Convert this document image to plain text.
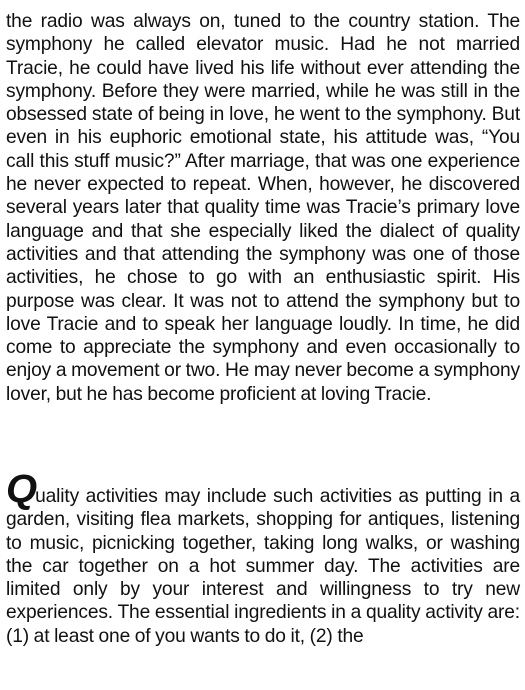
the radio was always on, tuned to the country station. The symphony he called elevator music. Had he not married Tracie, he could have lived his life without ever attending the symphony. Before they were married, while he was still in the obsessed state of being in love, he went to the symphony. But even in his euphoric emotional state, his attitude was, “You call this stuff music?” After marriage, that was one experience he never expected to repeat. When, however, he discovered several years later that quality time was Tracie’s primary love language and that she especially liked the dialect of quality activities and that attending the symphony was one of those activities, he chose to go with an enthusiastic spirit. His purpose was clear. It was not to attend the symphony but to love Tracie and to speak her language loudly. In time, he did come to appreciate the symphony and even occasionally to enjoy a movement or two. He may never become a symphony lover, but he has become proficient at loving Tracie.

Quality activities may include such activities as putting in a garden, visiting flea markets, shopping for antiques, listening to music, picnicking together, taking long walks, or washing the car together on a hot summer day. The activities are limited only by your interest and willingness to try new experiences. The essential ingredients in a quality activity are: (1) at least one of you wants to do it, (2) the
